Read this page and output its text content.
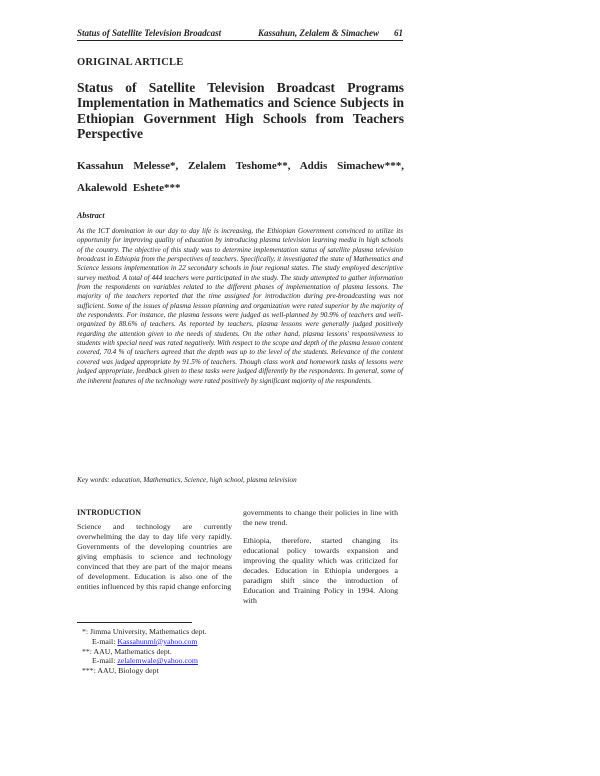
Status of Satellite Television Broadcast	Kassahun, Zelalem & Simachew 61
ORIGINAL ARTICLE
Status of Satellite Television Broadcast Programs Implementation in Mathematics and Science Subjects in Ethiopian Government High Schools from Teachers Perspective
Kassahun Melesse*, Zelalem Teshome**, Addis Simachew***, Akalewold Eshete***
Abstract
As the ICT domination in our day to day life is increasing, the Ethiopian Government convinced to utilize its opportunity for improving quality of education by introducing plasma television learning media in high schools of the country. The objective of this study was to determine implementation status of satellite plasma television broadcast in Ethiopia from the perspectives of teachers. Specifically, it investigated the state of Mathematics and Science lessons implementation in 22 secondary schools in four regional states. The study employed descriptive survey method. A total of 444 teachers were participated in the study. The study attempted to gather information from the respondents on variables related to the different phases of implementation of plasma lessons. The majority of the teachers reported that the time assigned for introduction during pre-broadcasting was not sufficient. Some of the issues of plasma lesson planning and organization were rated superior by the majority of the respondents. For instance, the plasma lessons were judged as well-planned by 90.9% of teachers and well-organized by 88.6% of teachers. As reported by teachers, plasma lessons were generally judged positively regarding the attention given to the needs of students. On the other hand, plasma lessons' responsiveness to students with special need was rated negatively. With respect to the scope and depth of the plasma lesson content covered, 70.4 % of teachers agreed that the depth was up to the level of the students. Relevance of the content covered was judged appropriate by 91.5% of teachers. Though class work and homework tasks of lessons were judged appropriate, feedback given to these tasks were judged differently by the respondents. In general, some of the inherent features of the technology were rated positively by significant majority of the respondents.
Key words: education, Mathematics, Science, high school, plasma television
INTRODUCTION

Science and technology are currently overwhelming the day to day life very rapidly. Governments of the developing countries are giving emphasis to science and technology convinced that they are part of the major means of development. Education is also one of the entities influenced by this rapid change enforcing

governments to change their policies in line with the new trend.

Ethiopia, therefore, started changing its educational policy towards expansion and improving the quality which was criticized for decades. Education in Ethiopia undergoes a paradigm shift since the introduction of Education and Training Policy in 1994. Along with

*: Jimma University, Mathematics dept.
E-mail: Kassahunml@yahoo.com
**: AAU, Mathematics dept.
E-mail: zelalemwale@yahoo.com
***: AAU, Biology dept
